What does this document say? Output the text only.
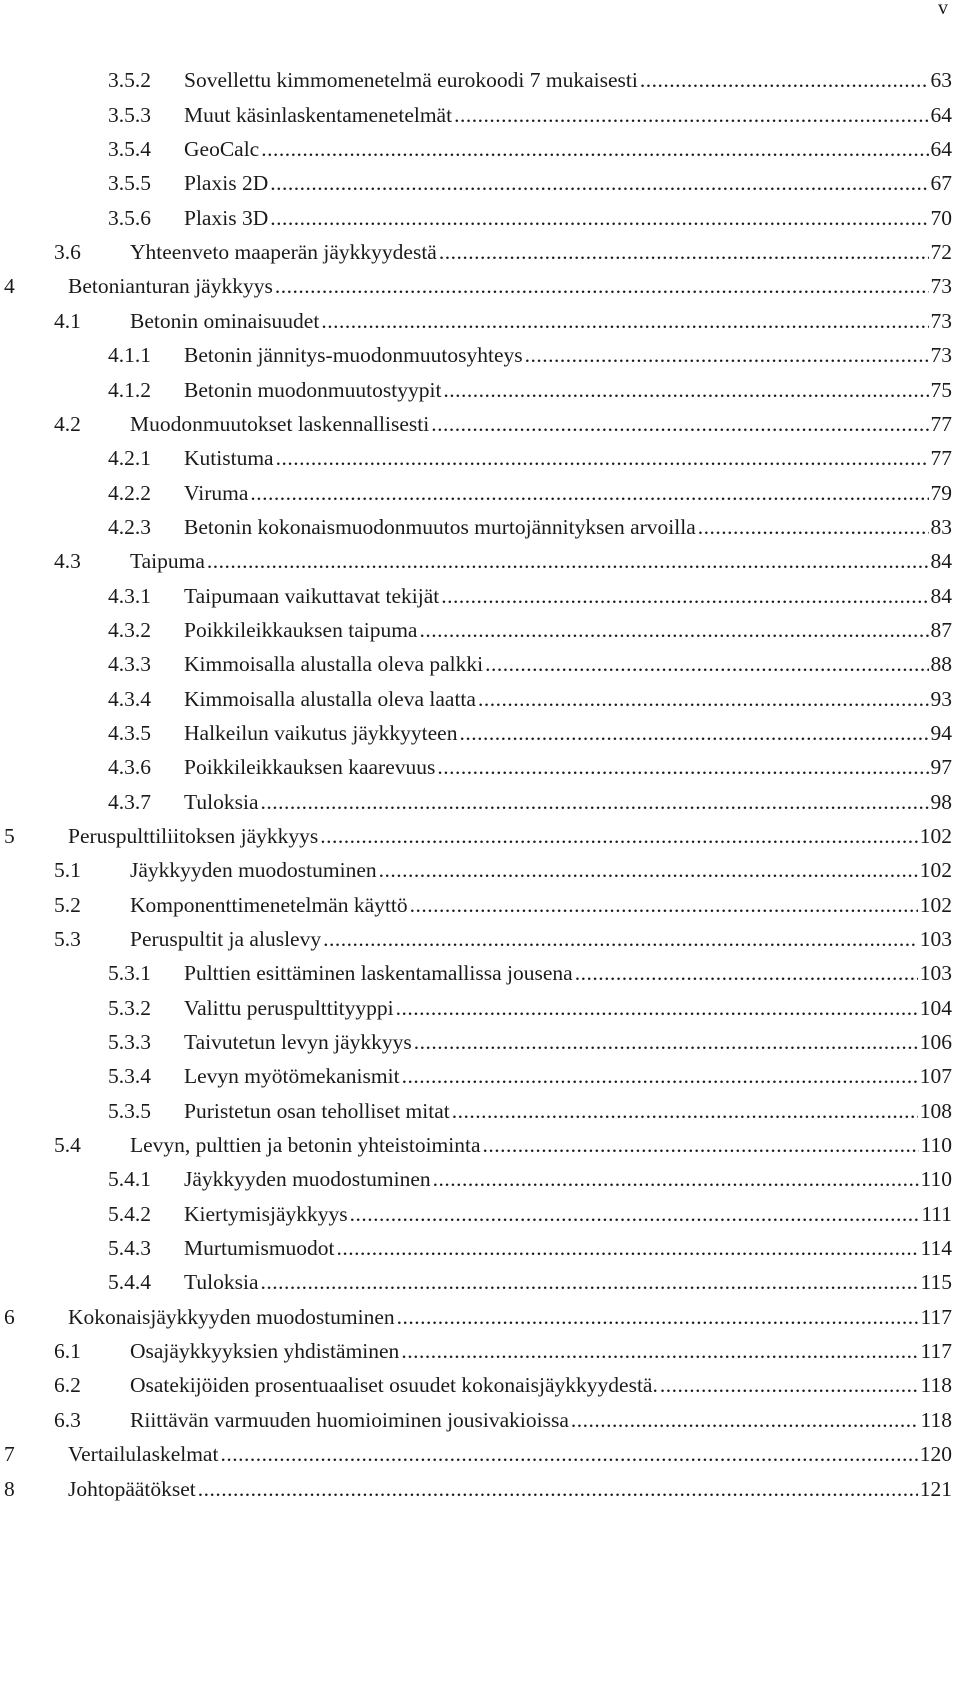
v
3.5.2 Sovellettu kimmomenetelmä eurokoodi 7 mukaisesti .....	63
3.5.3 Muut käsinlaskentamenetelmät .....	64
3.5.4 GeoCalc .....	64
3.5.5 Plaxis 2D .....	67
3.5.6 Plaxis 3D .....	70
3.6 Yhteenveto maaperän jäykkyydestä .....	72
4 Betonianturan jäykkyys .....	73
4.1 Betonin ominaisuudet .....	73
4.1.1 Betonin jännitys-muodonmuutosyhteys .....	73
4.1.2 Betonin muodonmuutostyypit .....	75
4.2 Muodonmuutokset laskennallisesti .....	77
4.2.1 Kutistuma .....	77
4.2.2 Viruma .....	79
4.2.3 Betonin kokonaismuodonmuutos murtojännityksen arvoilla .....	83
4.3 Taipuma .....	84
4.3.1 Taipumaan vaikuttavat tekijät .....	84
4.3.2 Poikkileikkauksen taipuma .....	87
4.3.3 Kimmoisalla alustalla oleva palkki .....	88
4.3.4 Kimmoisalla alustalla oleva laatta .....	93
4.3.5 Halkeilun vaikutus jäykkyyteen .....	94
4.3.6 Poikkileikkauksen kaarevuus .....	97
4.3.7 Tuloksia .....	98
5 Peruspulttiliitoksen jäykkyys .....	102
5.1 Jäykkyyden muodostuminen .....	102
5.2 Komponenttimenetelmän käyttö .....	102
5.3 Peruspultit ja aluslevy .....	103
5.3.1 Pulttien esittäminen laskentamallissa jousena .....	103
5.3.2 Valittu peruspulttityyppi .....	104
5.3.3 Taivutetun levyn jäykkyys .....	106
5.3.4 Levyn myötömekanismit .....	107
5.3.5 Puristetun osan teholliset mitat .....	108
5.4 Levyn, pulttien ja betonin yhteistoiminta .....	110
5.4.1 Jäykkyyden muodostuminen .....	110
5.4.2 Kiertymisjäykkyys .....	111
5.4.3 Murtumismuodot .....	114
5.4.4 Tuloksia .....	115
6 Kokonaisjäykkyyden muodostuminen .....	117
6.1 Osajäykkyyksien yhdistäminen .....	117
6.2 Osatekijöiden prosentuaaliset osuudet kokonaisjäykkyydestä. .....	118
6.3 Riittävän varmuuden huomioiminen jousivakioissa .....	118
7 Vertailulaskelmat .....	120
8 Johtopäätökset .....	121
